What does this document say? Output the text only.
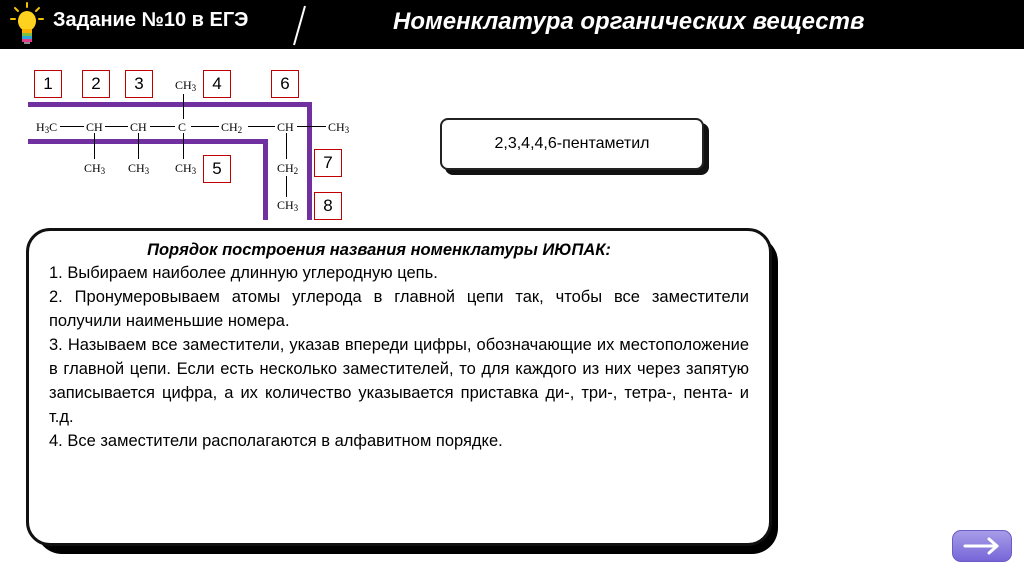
Задание №10 в ЕГЭ	Номенклатура органических веществ
$H_3C$ CH CH	C	$CH_2$	CH	$CH_3$
$CH_3$
$CH_3$ $CH_3$ $CH_3$	$CH_2$
$CH_3$
1	2	3	4
5
6
7
8
2,3,4,4,6-пентаметил
Порядок построения названия номенклатуры ИЮПАК:

1. Выбираем наиболее длинную углеродную цепь.

2. Пронумеровываем атомы углерода в главной цепи так, чтобы все заместители получили наименьшие номера.

3. Называем все заместители, указав впереди цифры, обозначающие их местоположение в главной цепи. Если есть несколько заместителей, то для каждого из них через запятую записывается цифра, а их количество указывается приставка ди-, три-, тетра-, пента- и т.д.

4. Все заместители располагаются в алфавитном порядке.
